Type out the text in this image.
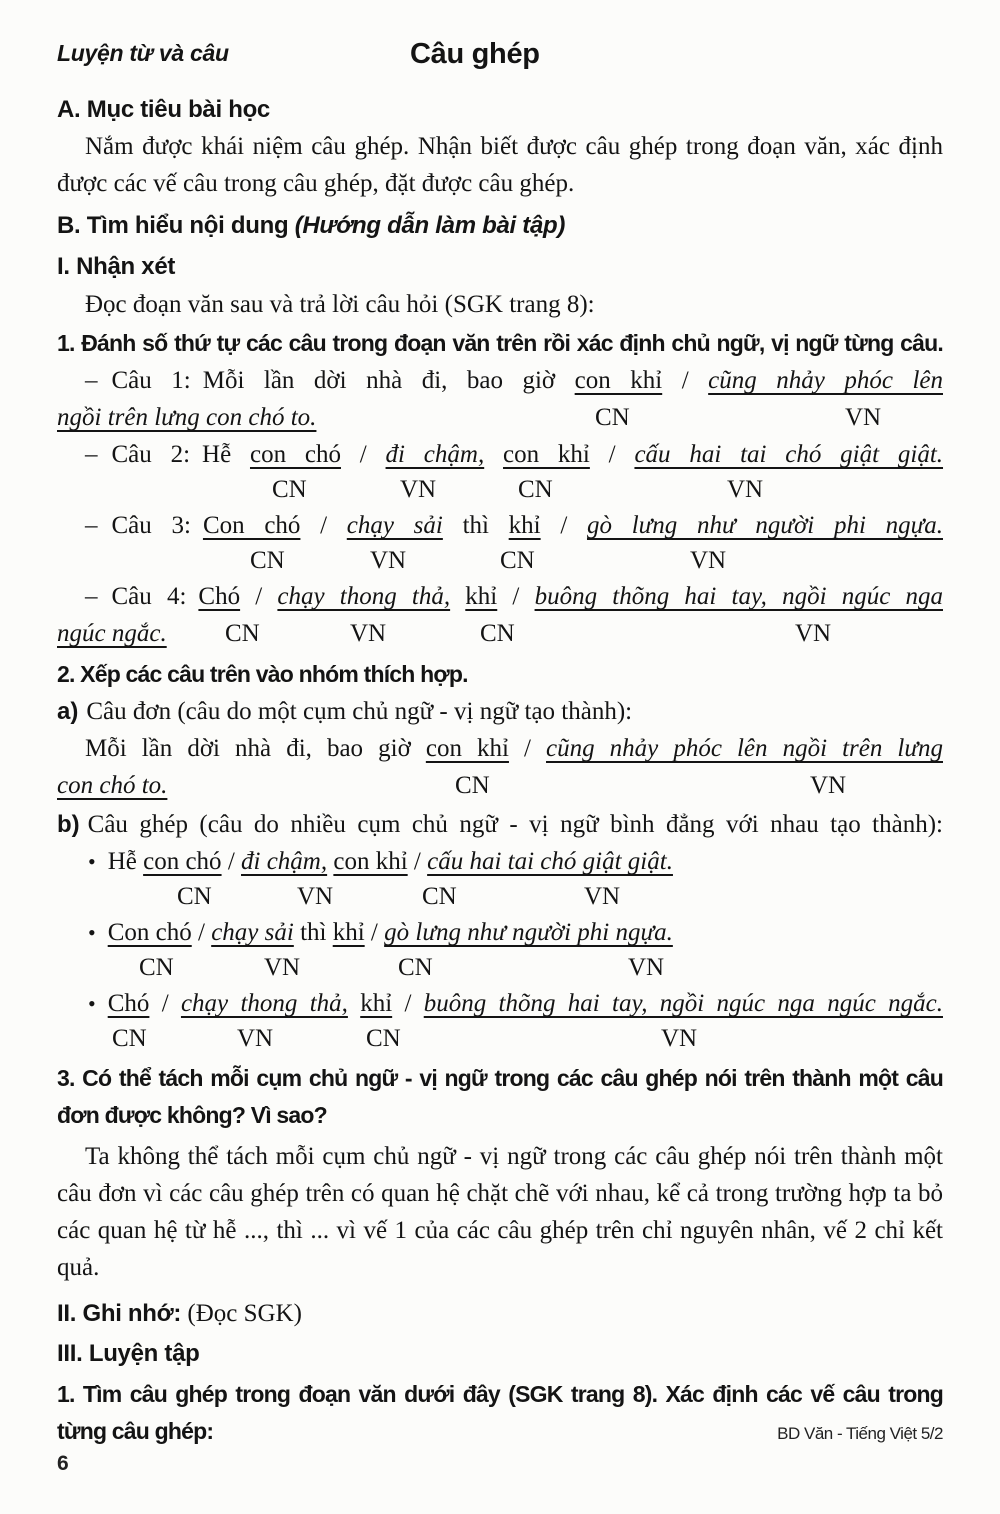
Luyện từ và câu	Câu ghép
A. Mục tiêu bài học

Nắm được khái niệm câu ghép. Nhận biết được câu ghép trong đoạn văn, xác định được các vế câu trong câu ghép, đặt được câu ghép.

B. Tìm hiểu nội dung (Hướng dẫn làm bài tập)
I. Nhận xét
Đọc đoạn văn sau và trả lời câu hỏi (SGK trang 8):
1. Đánh số thứ tự các câu trong đoạn văn trên rồi xác định chủ ngữ, vị ngữ từng câu.
– Câu 1: Mỗi lần dời nhà đi, bao giờ con khỉ / cũng nhảy phóc lên
ngồi trên lưng con chó to.	CN	VN
– Câu 2: Hễ con chó / đi chậm, con khỉ / cấu hai tai chó giật giật.
CN	VN	CN	VN
– Câu 3: Con chó / chạy sải thì khỉ / gò lưng như người phi ngựa.
CN	VN	CN	VN
– Câu 4: Chó / chạy thong thả, khỉ / buông thõng hai tay, ngồi ngúc nga
ngúc ngắc. CN	VN	CN	VN
2. Xếp các câu trên vào nhóm thích hợp.
a) Câu đơn (câu do một cụm chủ ngữ - vị ngữ tạo thành):
Mỗi lần dời nhà đi, bao giờ con khỉ / cũng nhảy phóc lên ngồi trên lưng
con chó to.	CN	VN
b) Câu ghép (câu do nhiều cụm chủ ngữ - vị ngữ bình đẳng với nhau tạo thành):
• Hễ con chó / đi chậm, con khỉ / cấu hai tai chó giật giật.
CN	VN	CN	VN
• Con chó / chạy sải thì khỉ / gò lưng như người phi ngựa.
CN	VN	CN	VN
• Chó / chạy thong thả, khỉ / buông thõng hai tay, ngồi ngúc nga ngúc ngắc.
CN	VN	CN	VN
3. Có thể tách mỗi cụm chủ ngữ - vị ngữ trong các câu ghép nói trên thành một câu đơn được không? Vì sao?

Ta không thể tách mỗi cụm chủ ngữ - vị ngữ trong các câu ghép nói trên thành một câu đơn vì các câu ghép trên có quan hệ chặt chẽ với nhau, kể cả trong trường hợp ta bỏ các quan hệ từ hễ ..., thì ... vì vế 1 của các câu ghép trên chỉ nguyên nhân, vế 2 chỉ kết quả.

II. Ghi nhớ: (Đọc SGK)
III. Luyện tập
1. Tìm câu ghép trong đoạn văn dưới đây (SGK trang 8). Xác định các vế câu trong từng câu ghép:	BD Văn - Tiếng Việt 5/2
6
